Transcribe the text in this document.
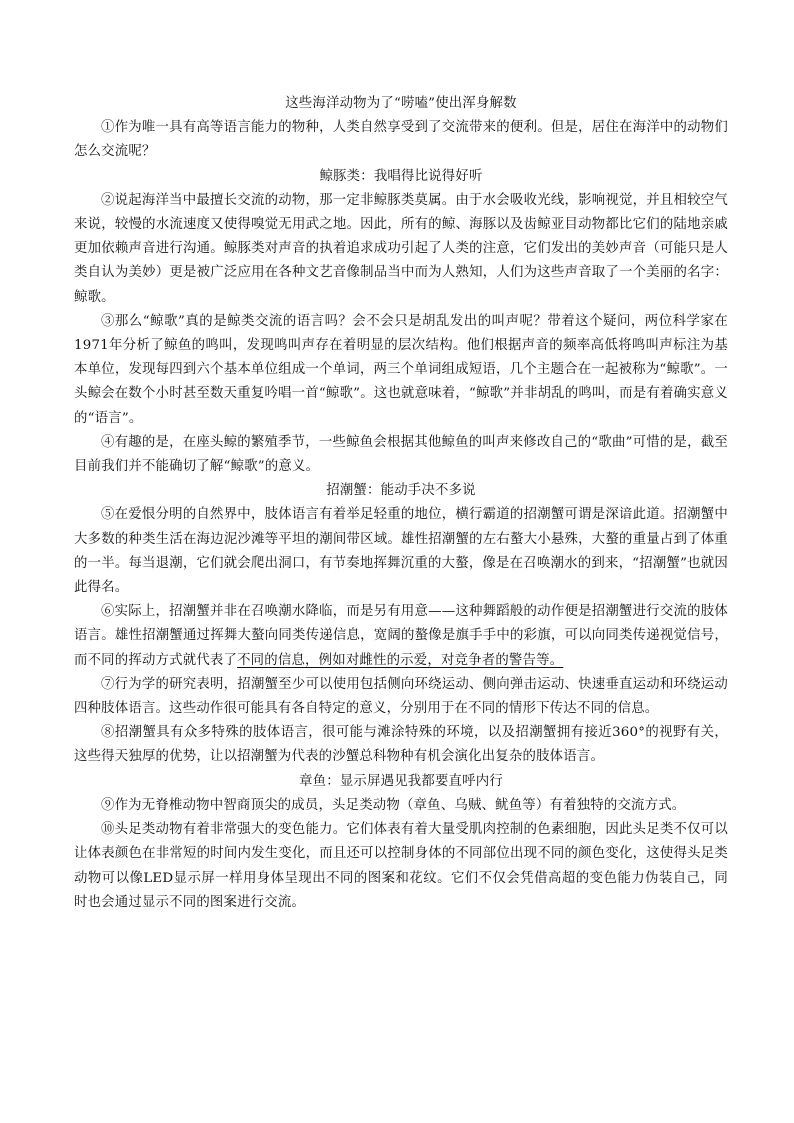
这些海洋动物为了“唠嗑”使出浑身解数

①作为唯一具有高等语言能力的物种，人类自然享受到了交流带来的便利。但是，居住在海洋中的动物们怎么交流呢？

鲸豚类：我唱得比说得好听

②说起海洋当中最擅长交流的动物，那一定非鲸豚类莫属。由于水会吸收光线，影响视觉，并且相较空气来说，较慢的水流速度又使得嗅觉无用武之地。因此，所有的鲸、海豚以及齿鲸亚目动物都比它们的陆地亲戚更加依赖声音进行沟通。鲸豚类对声音的执着追求成功引起了人类的注意，它们发出的美妙声音（可能只是人类自认为美妙）更是被广泛应用在各种文艺音像制品当中而为人熟知，人们为这些声音取了一个美丽的名字：鲸歌。

③那么“鲸歌”真的是鲸类交流的语言吗？会不会只是胡乱发出的叫声呢？带着这个疑问，两位科学家在1971年分析了鲸鱼的鸣叫，发现鸣叫声存在着明显的层次结构。他们根据声音的频率高低将鸣叫声标注为基本单位，发现每四到六个基本单位组成一个单词，两三个单词组成短语，几个主题合在一起被称为“鲸歌”。一头鲸会在数个小时甚至数天重复吟唱一首“鲸歌”。这也就意味着，“鲸歌”并非胡乱的鸣叫，而是有着确实意义的“语言”。

④有趣的是，在座头鲸的繁殖季节，一些鲸鱼会根据其他鲸鱼的叫声来修改自己的“歌曲”可惜的是，截至目前我们并不能确切了解“鲸歌”的意义。

招潮蟹：能动手决不多说

⑤在爱恨分明的自然界中，肢体语言有着举足轻重的地位，横行霸道的招潮蟹可谓是深谙此道。招潮蟹中大多数的种类生活在海边泥沙滩等平坦的潮间带区域。雄性招潮蟹的左右螯大小悬殊，大螯的重量占到了体重的一半。每当退潮，它们就会爬出洞口，有节奏地挥舞沉重的大螯，像是在召唤潮水的到来，“招潮蟹”也就因此得名。

⑥实际上，招潮蟹并非在召唤潮水降临，而是另有用意——这种舞蹈般的动作便是招潮蟹进行交流的肢体语言。雄性招潮蟹通过挥舞大螯向同类传递信息，宽阔的螯像是旗手手中的彩旗，可以向同类传递视觉信号，而不同的挥动方式就代表了不同的信息，例如对雌性的示爱，对竞争者的警告等。

⑦行为学的研究表明，招潮蟹至少可以使用包括侧向环绕运动、侧向弹击运动、快速垂直运动和环绕运动四种肢体语言。这些动作很可能具有各自特定的意义，分别用于在不同的情形下传达不同的信息。

⑧招潮蟹具有众多特殊的肢体语言，很可能与滩涂特殊的环境，以及招潮蟹拥有接近360°的视野有关，这些得天独厚的优势，让以招潮蟹为代表的沙蟹总科物种有机会演化出复杂的肢体语言。

章鱼：显示屏遇见我都要直呼内行

⑨作为无脊椎动物中智商顶尖的成员，头足类动物（章鱼、乌贼、鱿鱼等）有着独特的交流方式。

⑩头足类动物有着非常强大的变色能力。它们体表有着大量受肌肉控制的色素细胞，因此头足类不仅可以让体表颜色在非常短的时间内发生变化，而且还可以控制身体的不同部位出现不同的颜色变化，这使得头足类动物可以像LED显示屏一样用身体呈现出不同的图案和花纹。它们不仅会凭借高超的变色能力伪装自己，同时也会通过显示不同的图案进行交流。
